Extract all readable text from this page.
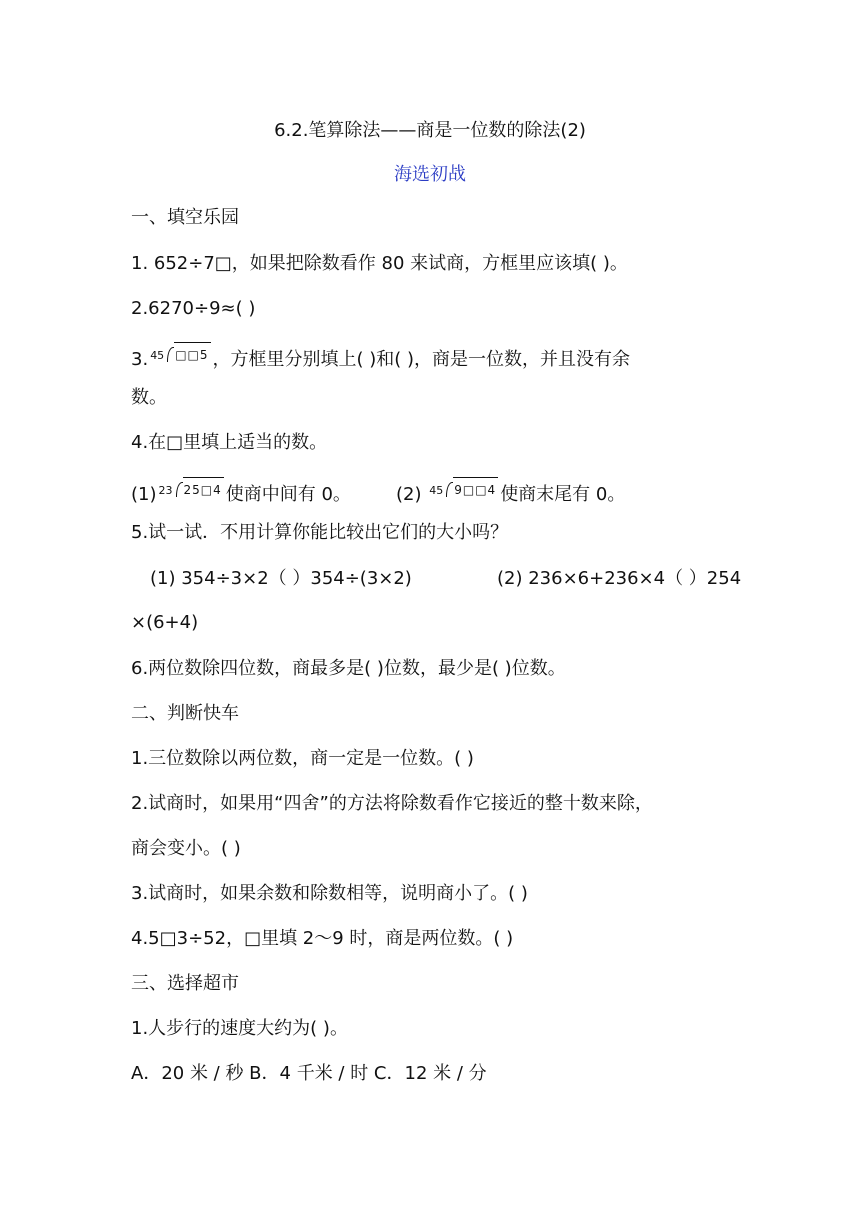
6.2.笔算除法——商是一位数的除法(2)
海选初战
一、填空乐园
1. 652÷7□，如果把除数看作 80 来试商，方框里应该填( )。
2.6270÷9≈( )
3. 45 □□5 ，方框里分别填上( )和( )，商是一位数，并且没有余
数。
4.在□里填上适当的数。
(1) 23 25□4 使商中间有 0。	(2) 45 9□□4 使商末尾有 0。
5.试一试．不用计算你能比较出它们的大小吗？
(1) 354÷3×2（ ）354÷(3×2)	(2) 236×6+236×4（ ）254
×(6+4)
6.两位数除四位数，商最多是( )位数，最少是( )位数。
二、判断快车
1.三位数除以两位数，商一定是一位数。( )
2.试商时，如果用“四舍”的方法将除数看作它接近的整十数来除，
商会变小。( )
3.试商时，如果余数和除数相等，说明商小了。( )
4.5□3÷52，□里填 2～9 时，商是两位数。( )
三、选择超市
1.人步行的速度大约为( )。
A．20 米 / 秒 B．4 千米 / 时 C．12 米 / 分
